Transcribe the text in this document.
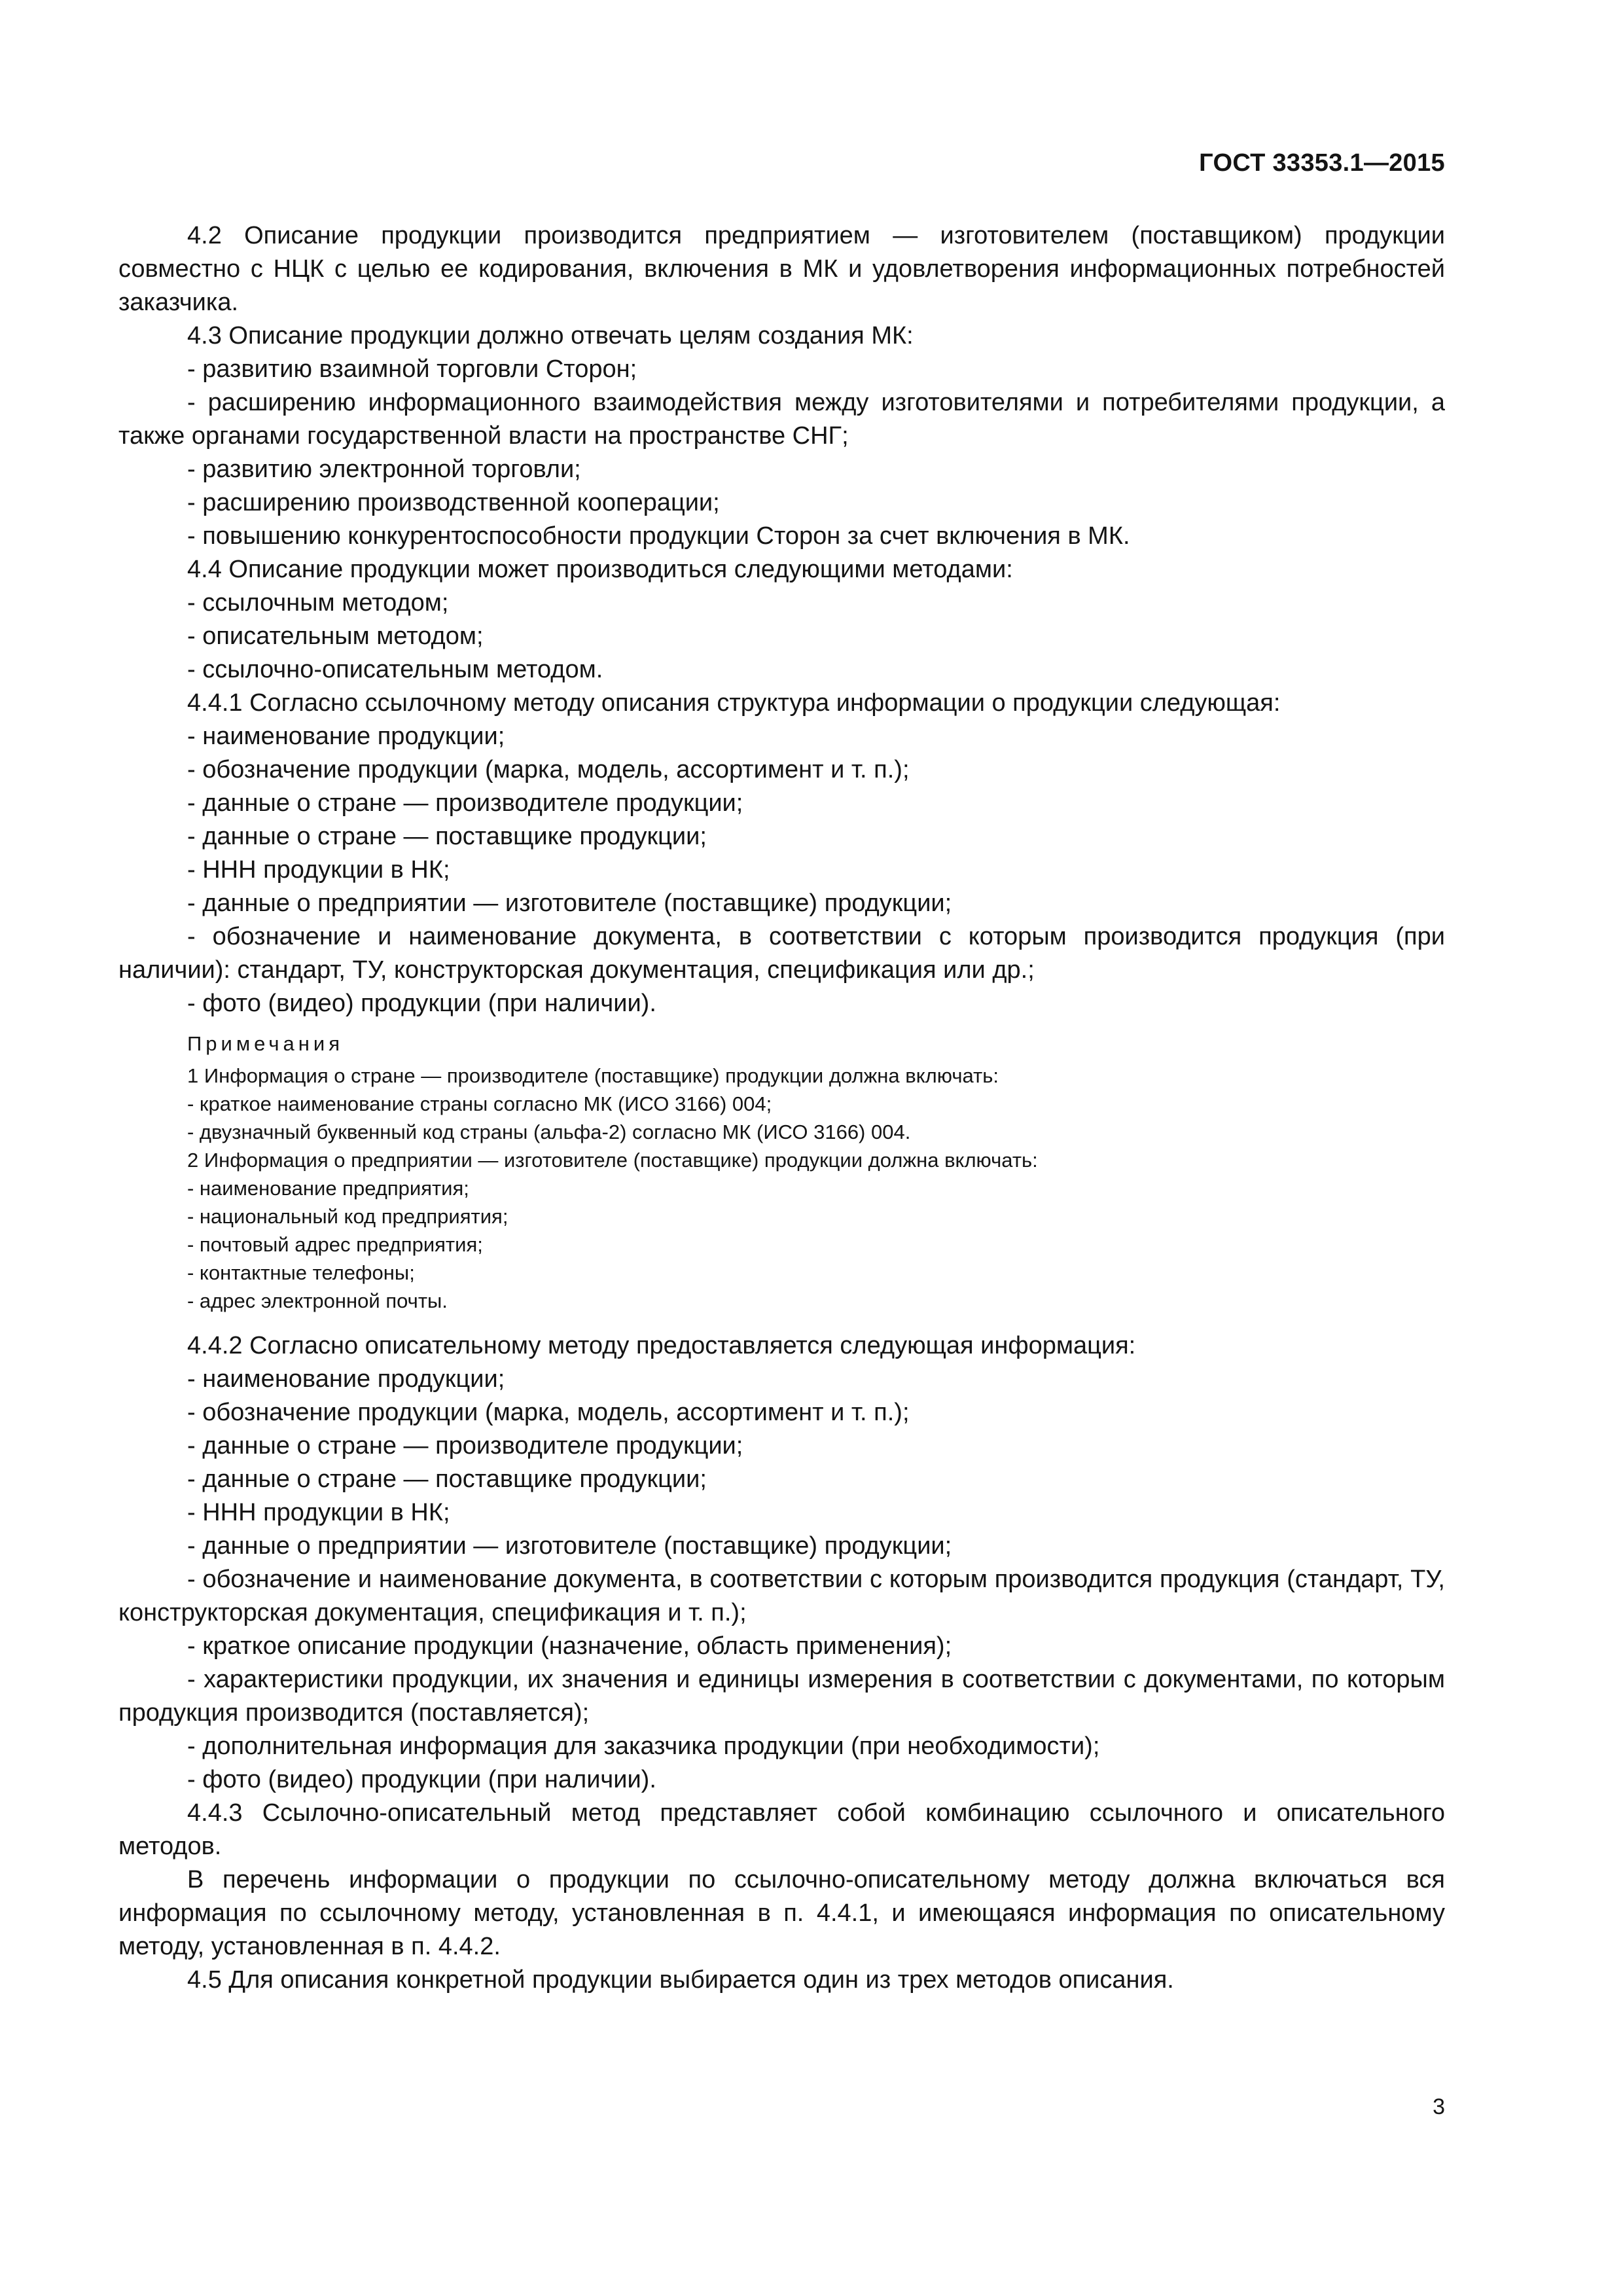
ГОСТ 33353.1—2015

4.2 Описание продукции производится предприятием — изготовителем (поставщиком) продукции совместно с НЦК с целью ее кодирования, включения в МК и удовлетворения информационных потребностей заказчика.

4.3 Описание продукции должно отвечать целям создания МК:

- развитию взаимной торговли Сторон;

- расширению информационного взаимодействия между изготовителями и потребителями продукции, а также органами государственной власти на пространстве СНГ;

- развитию электронной торговли;

- расширению производственной кооперации;

- повышению конкурентоспособности продукции Сторон за счет включения в МК.

4.4 Описание продукции может производиться следующими методами:

- ссылочным методом;

- описательным методом;

- ссылочно-описательным методом.

4.4.1 Согласно ссылочному методу описания структура информации о продукции следующая:

- наименование продукции;

- обозначение продукции (марка, модель, ассортимент и т. п.);

- данные о стране — производителе продукции;

- данные о стране — поставщике продукции;

- ННН продукции в НК;

- данные о предприятии — изготовителе (поставщике) продукции;

- обозначение и наименование документа, в соответствии с которым производится продукция (при наличии): стандарт, ТУ, конструкторская документация, спецификация или др.;

- фото (видео) продукции (при наличии).

Примечания

1 Информация о стране — производителе (поставщике) продукции должна включать:

- краткое наименование страны согласно МК (ИСО 3166) 004;

- двузначный буквенный код страны (альфа-2) согласно МК (ИСО 3166) 004.

2 Информация о предприятии — изготовителе (поставщике) продукции должна включать:

- наименование предприятия;

- национальный код предприятия;

- почтовый адрес предприятия;

- контактные телефоны;

- адрес электронной почты.

4.4.2 Согласно описательному методу предоставляется следующая информация:

- наименование продукции;

- обозначение продукции (марка, модель, ассортимент и т. п.);

- данные о стране — производителе продукции;

- данные о стране — поставщике продукции;

- ННН продукции в НК;

- данные о предприятии — изготовителе (поставщике) продукции;

- обозначение и наименование документа, в соответствии с которым производится продукция (стандарт, ТУ, конструкторская документация, спецификация и т. п.);

- краткое описание продукции (назначение, область применения);

- характеристики продукции, их значения и единицы измерения в соответствии с документами, по которым продукция производится (поставляется);

- дополнительная информация для заказчика продукции (при необходимости);

- фото (видео) продукции (при наличии).

4.4.3 Ссылочно-описательный метод представляет собой комбинацию ссылочного и описательного методов.

В перечень информации о продукции по ссылочно-описательному методу должна включаться вся информация по ссылочному методу, установленная в п. 4.4.1, и имеющаяся информация по описательному методу, установленная в п. 4.4.2.

4.5 Для описания конкретной продукции выбирается один из трех методов описания.

3
